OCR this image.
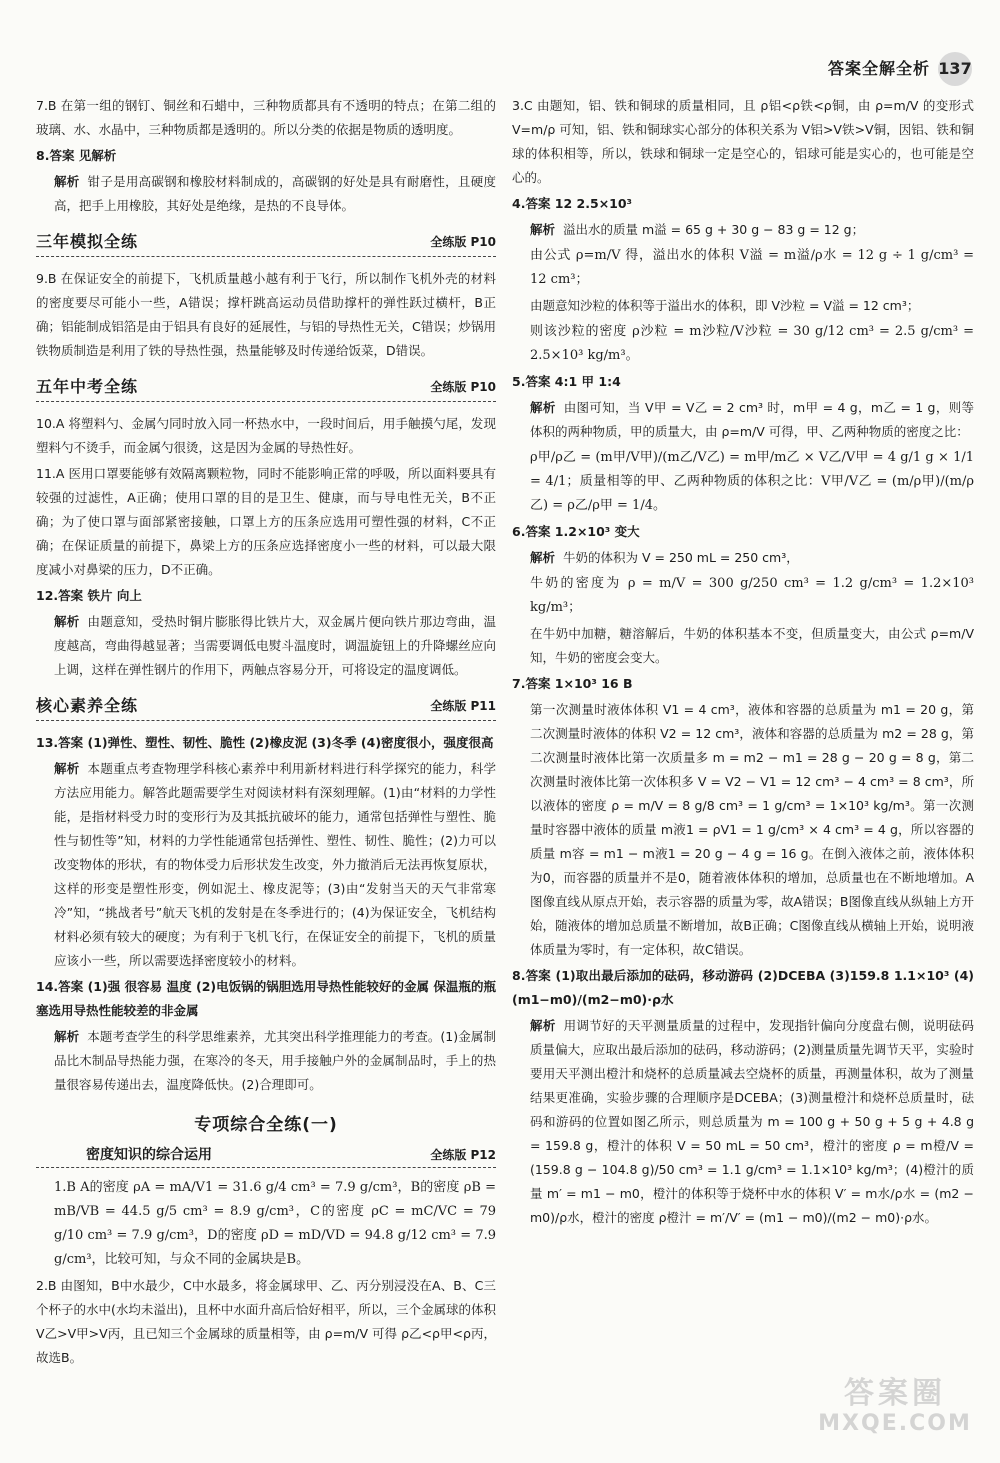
答案全解全析 137

7.B 在第一组的钢钉、铜丝和石蜡中，三种物质都具有不透明的特点；在第二组的玻璃、水、水晶中，三种物质都是透明的。所以分类的依据是物质的透明度。

8.答案 见解析

解析 钳子是用高碳钢和橡胶材料制成的，高碳钢的好处是具有耐磨性，且硬度高，把手上用橡胶，其好处是绝缘，是热的不良导体。

三年模拟全练	全练版 P10

9.B 在保证安全的前提下，飞机质量越小越有利于飞行，所以制作飞机外壳的材料的密度要尽可能小一些，A错误；撑杆跳高运动员借助撑杆的弹性跃过横杆，B正确；铝能制成铝箔是由于铝具有良好的延展性，与铝的导热性无关，C错误；炒锅用铁物质制造是利用了铁的导热性强，热量能够及时传递给饭菜，D错误。

五年中考全练	全练版 P10

10.A 将塑料勺、金属勺同时放入同一杯热水中，一段时间后，用手触摸勺尾，发现塑料勺不烫手，而金属勺很烫，这是因为金属的导热性好。

11.A 医用口罩要能够有效隔离颗粒物，同时不能影响正常的呼吸，所以面料要具有较强的过滤性，A正确；使用口罩的目的是卫生、健康，而与导电性无关，B不正确；为了使口罩与面部紧密接触，口罩上方的压条应选用可塑性强的材料，C不正确；在保证质量的前提下，鼻梁上方的压条应选择密度小一些的材料，可以最大限度减小对鼻梁的压力，D不正确。

12.答案 铁片 向上

解析 由题意知，受热时铜片膨胀得比铁片大，双金属片便向铁片那边弯曲，温度越高，弯曲得越显著；当需要调低电熨斗温度时，调温旋钮上的升降螺丝应向上调，这样在弹性钢片的作用下，两触点容易分开，可将设定的温度调低。

核心素养全练	全练版 P11

13.答案 (1)弹性、塑性、韧性、脆性 (2)橡皮泥 (3)冬季 (4)密度很小，强度很高

解析 本题重点考查物理学科核心素养中利用新材料进行科学探究的能力，科学方法应用能力。解答此题需要学生对阅读材料有深刻理解。(1)由“材料的力学性能，是指材料受力时的变形行为及其抵抗破坏的能力，通常包括弹性与塑性、脆性与韧性等”知，材料的力学性能通常包括弹性、塑性、韧性、脆性；(2)力可以改变物体的形状，有的物体受力后形状发生改变，外力撤消后无法再恢复原状，这样的形变是塑性形变，例如泥土、橡皮泥等；(3)由“发射当天的天气非常寒冷”知，“挑战者号”航天飞机的发射是在冬季进行的；(4)为保证安全，飞机结构材料必须有较大的硬度；为有利于飞机飞行，在保证安全的前提下，飞机的质量应该小一些，所以需要选择密度较小的材料。

14.答案 (1)强 很容易 温度 (2)电饭锅的锅胆选用导热性能较好的金属 保温瓶的瓶塞选用导热性能较差的非金属

解析 本题考查学生的科学思维素养，尤其突出科学推理能力的考查。(1)金属制品比木制品导热能力强，在寒冷的冬天，用手接触户外的金属制品时，手上的热量很容易传递出去，温度降低快。(2)合理即可。

专项综合全练(一)
密度知识的综合运用	全练版 P12

1.B A的密度 ρA = mA/V1 = 31.6 g/4 cm³ = 7.9 g/cm³，B的密度 ρB = mB/VB = 44.5 g/5 cm³ = 8.9 g/cm³，C的密度 ρC = mC/VC = 79 g/10 cm³ = 7.9 g/cm³，D的密度 ρD = mD/VD = 94.8 g/12 cm³ = 7.9 g/cm³，比较可知，与众不同的金属块是B。

2.B 由图知，B中水最少，C中水最多，将金属球甲、乙、丙分别浸没在A、B、C三个杯子的水中(水均未溢出)，且杯中水面升高后恰好相平，所以，三个金属球的体积 V乙>V甲>V丙，且已知三个金属球的质量相等，由 ρ=m/V 可得 ρ乙<ρ甲<ρ丙，故选B。

3.C 由题知，铝、铁和铜球的质量相同，且 ρ铝<ρ铁<ρ铜，由 ρ=m/V 的变形式 V=m/ρ 可知，铝、铁和铜球实心部分的体积关系为 V铝>V铁>V铜，因铝、铁和铜球的体积相等，所以，铁球和铜球一定是空心的，铝球可能是实心的，也可能是空心的。

4.答案 12 2.5×10³

解析 溢出水的质量 m溢 = 65 g + 30 g − 83 g = 12 g；

由公式 ρ=m/V 得，溢出水的体积 V溢 = m溢/ρ水 = 12 g ÷ 1 g/cm³ = 12 cm³；

由题意知沙粒的体积等于溢出水的体积，即 V沙粒 = V溢 = 12 cm³；

则该沙粒的密度 ρ沙粒 = m沙粒/V沙粒 = 30 g/12 cm³ = 2.5 g/cm³ = 2.5×10³ kg/m³。

5.答案 4:1 甲 1:4

解析 由图可知，当 V甲 = V乙 = 2 cm³ 时，m甲 = 4 g，m乙 = 1 g，则等体积的两种物质，甲的质量大，由 ρ=m/V 可得，甲、乙两种物质的密度之比：

ρ甲/ρ乙 = (m甲/V甲)/(m乙/V乙) = m甲/m乙 × V乙/V甲 = 4 g/1 g × 1/1 = 4/1；质量相等的甲、乙两种物质的体积之比：V甲/V乙 = (m/ρ甲)/(m/ρ乙) = ρ乙/ρ甲 = 1/4。

6.答案 1.2×10³ 变大

解析 牛奶的体积为 V = 250 mL = 250 cm³，

牛奶的密度为 ρ = m/V = 300 g/250 cm³ = 1.2 g/cm³ = 1.2×10³ kg/m³；

在牛奶中加糖，糖溶解后，牛奶的体积基本不变，但质量变大，由公式 ρ=m/V 知，牛奶的密度会变大。

7.答案 1×10³ 16 B

第一次测量时液体体积 V1 = 4 cm³，液体和容器的总质量为 m1 = 20 g，第二次测量时液体的体积 V2 = 12 cm³，液体和容器的总质量为 m2 = 28 g，第二次测量时液体比第一次质量多 m = m2 − m1 = 28 g − 20 g = 8 g，第二次测量时液体比第一次体积多 V = V2 − V1 = 12 cm³ − 4 cm³ = 8 cm³，所以液体的密度 ρ = m/V = 8 g/8 cm³ = 1 g/cm³ = 1×10³ kg/m³。第一次测量时容器中液体的质量 m液1 = ρV1 = 1 g/cm³ × 4 cm³ = 4 g，所以容器的质量 m容 = m1 − m液1 = 20 g − 4 g = 16 g。在倒入液体之前，液体体积为0，而容器的质量并不是0，随着液体体积的增加，总质量也在不断地增加。A图像直线从原点开始，表示容器的质量为零，故A错误；B图像直线从纵轴上方开始，随液体的增加总质量不断增加，故B正确；C图像直线从横轴上开始，说明液体质量为零时，有一定体积，故C错误。

8.答案 (1)取出最后添加的砝码，移动游码 (2)DCEBA (3)159.8 1.1×10³ (4)(m1−m0)/(m2−m0)·ρ水

解析 用调节好的天平测量质量的过程中，发现指针偏向分度盘右侧，说明砝码质量偏大，应取出最后添加的砝码，移动游码；(2)测量质量先调节天平，实验时要用天平测出橙汁和烧杯的总质量减去空烧杯的质量，再测量体积，故为了测量结果更准确，实验步骤的合理顺序是DCEBA；(3)测量橙汁和烧杯总质量时，砝码和游码的位置如图乙所示，则总质量为 m = 100 g + 50 g + 5 g + 4.8 g = 159.8 g，橙汁的体积 V = 50 mL = 50 cm³，橙汁的密度 ρ = m橙/V = (159.8 g − 104.8 g)/50 cm³ = 1.1 g/cm³ = 1.1×10³ kg/m³；(4)橙汁的质量 m′ = m1 − m0，橙汁的体积等于烧杯中水的体积 V′ = m水/ρ水 = (m2 − m0)/ρ水，橙汁的密度 ρ橙汁 = m′/V′ = (m1 − m0)/(m2 − m0)·ρ水。

答案圈
MXQE.COM
